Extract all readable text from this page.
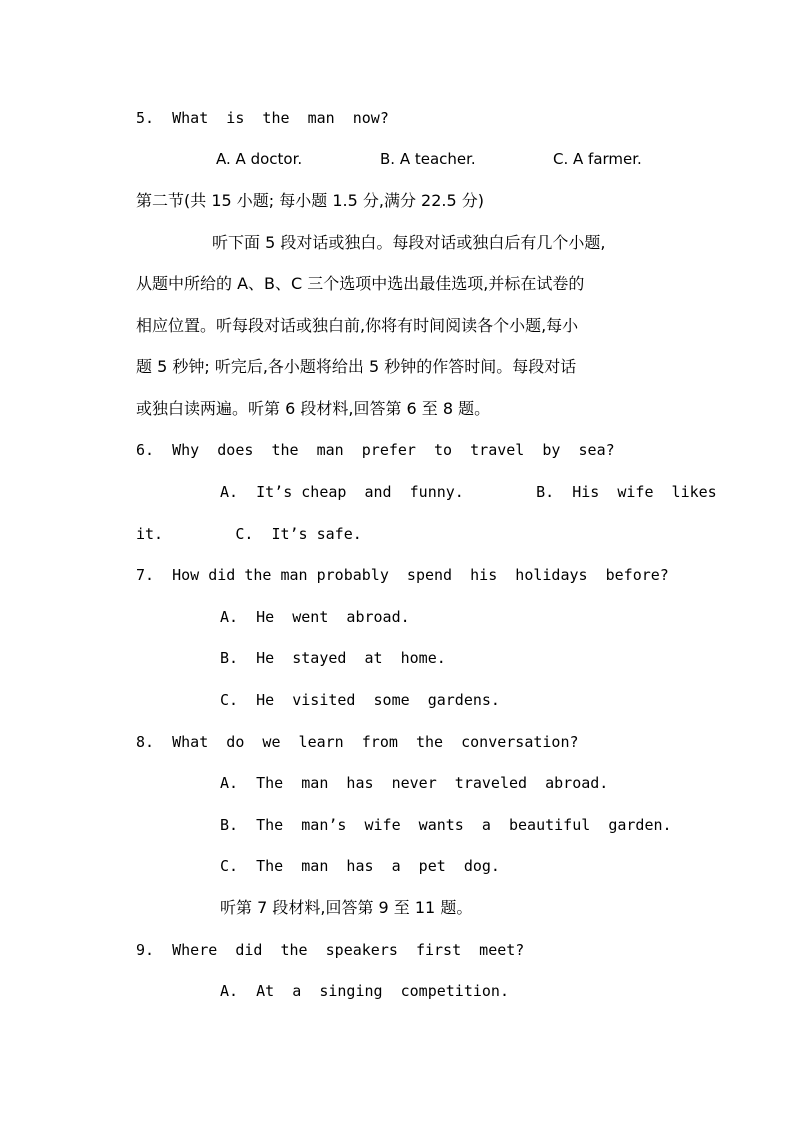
5.  What  is  the  man  now?
A. A doctor.	B. A teacher.	C. A farmer.
第二节(共 15 小题; 每小题 1.5 分,满分 22.5 分)
听下面 5 段对话或独白。每段对话或独白后有几个小题,
从题中所给的 A、B、C 三个选项中选出最佳选项,并标在试卷的
相应位置。听每段对话或独白前,你将有时间阅读各个小题,每小
题 5 秒钟; 听完后,各小题将给出 5 秒钟的作答时间。每段对话
或独白读两遍。听第 6 段材料,回答第 6 至 8 题。
6.  Why  does  the  man  prefer  to  travel  by  sea?
A.  It’s cheap  and  funny.        B.  His  wife  likes
it.        C.  It’s safe.
7.  How did the man probably  spend  his  holidays  before?
A.  He  went  abroad.
B.  He  stayed  at  home.
C.  He  visited  some  gardens.
8.  What  do  we  learn  from  the  conversation?
A.  The  man  has  never  traveled  abroad.
B.  The  man’s  wife  wants  a  beautiful  garden.
C.  The  man  has  a  pet  dog.
听第 7 段材料,回答第 9 至 11 题。
9.  Where  did  the  speakers  first  meet?
A.  At  a  singing  competition.
